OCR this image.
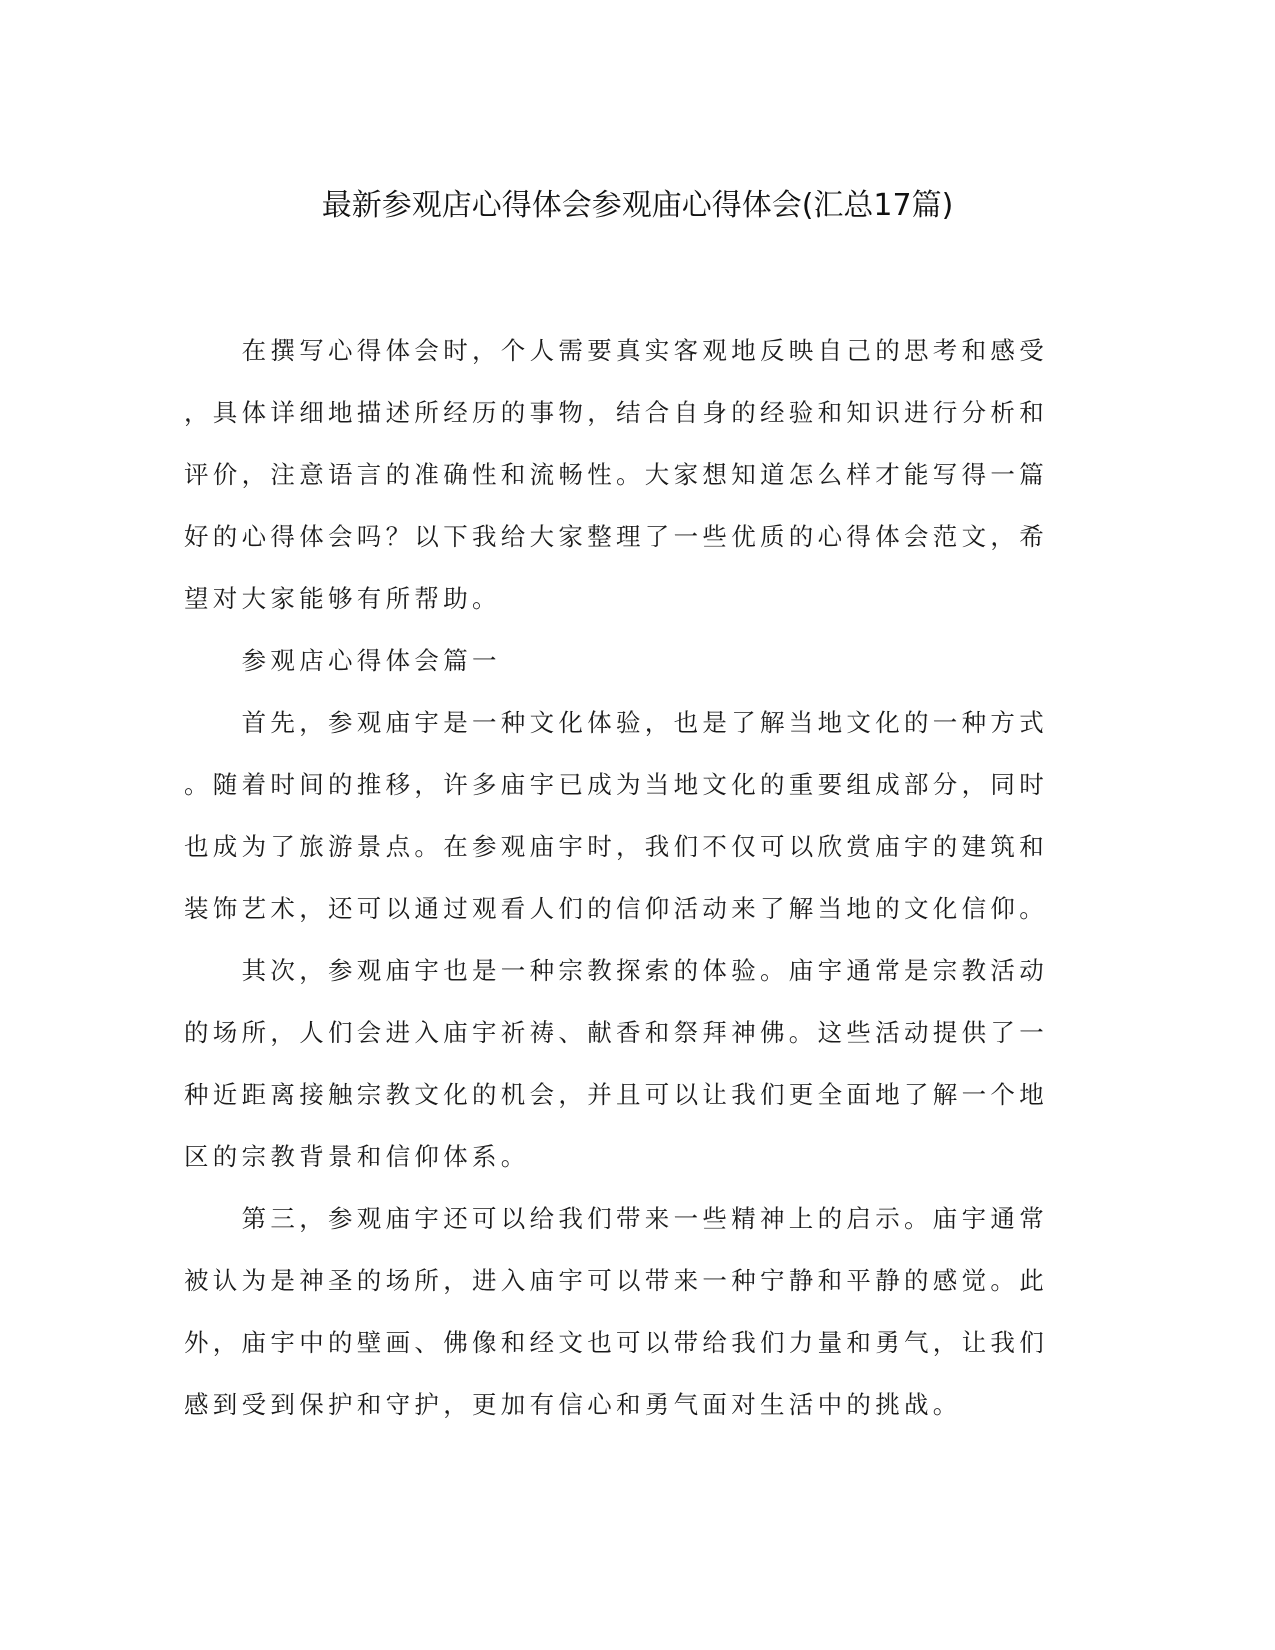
最新参观店心得体会参观庙心得体会(汇总17篇)
　　在撰写心得体会时，个人需要真实客观地反映自己的思考和感受
，具体详细地描述所经历的事物，结合自身的经验和知识进行分析和
评价，注意语言的准确性和流畅性。大家想知道怎么样才能写得一篇
好的心得体会吗？以下我给大家整理了一些优质的心得体会范文，希
望对大家能够有所帮助。
　　参观店心得体会篇一
　　首先，参观庙宇是一种文化体验，也是了解当地文化的一种方式
。随着时间的推移，许多庙宇已成为当地文化的重要组成部分，同时
也成为了旅游景点。在参观庙宇时，我们不仅可以欣赏庙宇的建筑和
装饰艺术，还可以通过观看人们的信仰活动来了解当地的文化信仰。
　　其次，参观庙宇也是一种宗教探索的体验。庙宇通常是宗教活动
的场所，人们会进入庙宇祈祷、献香和祭拜神佛。这些活动提供了一
种近距离接触宗教文化的机会，并且可以让我们更全面地了解一个地
区的宗教背景和信仰体系。
　　第三，参观庙宇还可以给我们带来一些精神上的启示。庙宇通常
被认为是神圣的场所，进入庙宇可以带来一种宁静和平静的感觉。此
外，庙宇中的壁画、佛像和经文也可以带给我们力量和勇气，让我们
感到受到保护和守护，更加有信心和勇气面对生活中的挑战。
